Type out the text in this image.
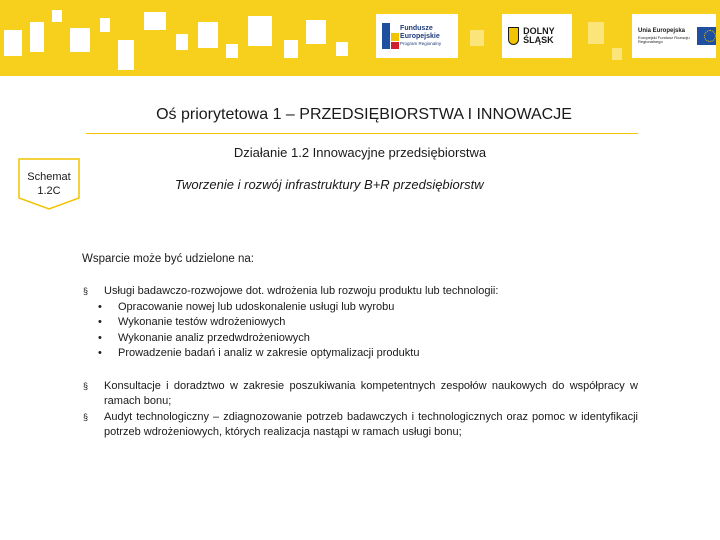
Fundusze Europejskie
Program Regionalny
DOLNY ŚLĄSK
Unia Europejska
Europejski Fundusz Rozwoju Regionalnego
Oś priorytetowa 1 – PRZEDSIĘBIORSTWA I INNOWACJE
Działanie 1.2 Innowacyjne przedsiębiorstwa
Schemat
1.2C	Tworzenie i rozwój infrastruktury B+R przedsiębiorstw
Wsparcie może być udzielone na:
§ Usługi badawczo-rozwojowe dot. wdrożenia lub rozwoju produktu lub technologii:
• Opracowanie nowej lub udoskonalenie usługi lub wyrobu
• Wykonanie testów wdrożeniowych
• Wykonanie analiz przedwdrożeniowych
• Prowadzenie badań i analiz w zakresie optymalizacji produktu
§ Konsultacje i doradztwo w zakresie poszukiwania kompetentnych zespołów naukowych do współpracy w ramach bonu;
§ Audyt technologiczny – zdiagnozowanie potrzeb badawczych i technologicznych oraz pomoc w identyfikacji potrzeb wdrożeniowych, których realizacja nastąpi w ramach usługi bonu;
